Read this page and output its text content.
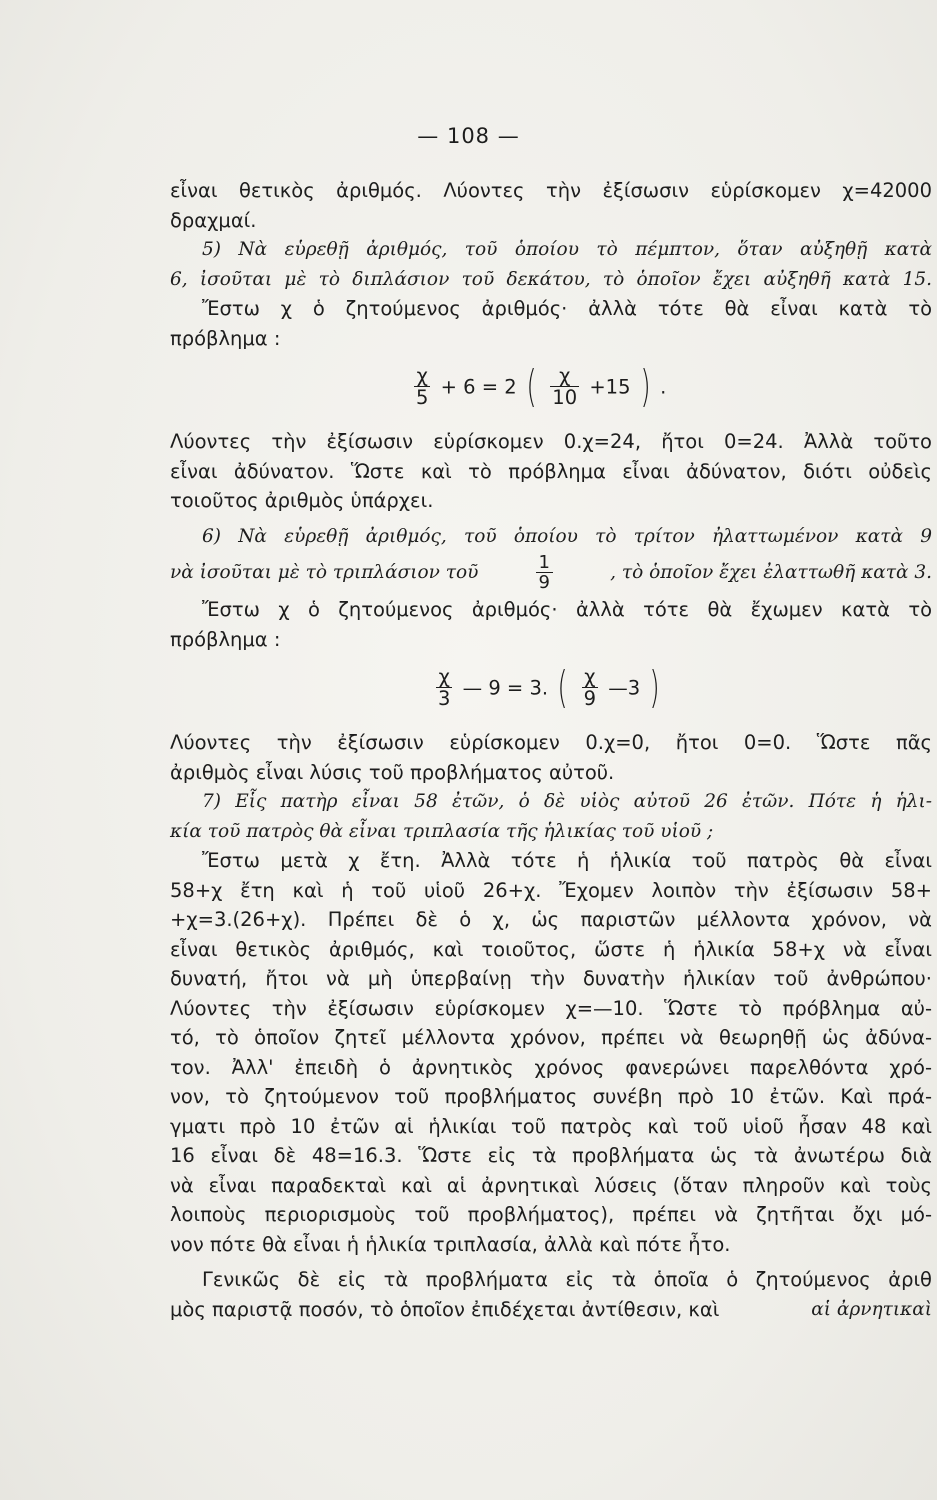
— 108 —
εἶναι θετικὸς ἀριθμός. Λύοντες τὴν ἐξίσωσιν εὑρίσκομεν χ=42000
δραχμαί.
5) Νὰ εὑρεθῇ ἀριθμός, τοῦ ὁποίου τὸ πέμπτον, ὅταν αὐξηθῇ κατὰ
6, ἰσοῦται μὲ τὸ διπλάσιον τοῦ δεκάτου, τὸ ὁποῖον ἔχει αὐξηθῆ κατὰ 15.
Ἔστω χ ὁ ζητούμενος ἀριθμός· ἀλλὰ τότε θὰ εἶναι κατὰ τὸ
πρόβλημα :
$\frac{\chi}{5} + 6 = 2$ ( $\frac{\chi}{10} +15$ ) .
Λύοντες τὴν ἐξίσωσιν εὑρίσκομεν 0.χ=24, ἤτοι 0=24. Ἀλλὰ τοῦτο
εἶναι ἀδύνατον. Ὥστε καὶ τὸ πρόβλημα εἶναι ἀδύνατον, διότι οὐδεὶς
τοιοῦτος ἀριθμὸς ὑπάρχει.
6) Νὰ εὑρεθῇ ἀριθμός, τοῦ ὁποίου τὸ τρίτον ἠλαττωμένον κατὰ 9
νὰ ἰσοῦται μὲ τὸ τριπλάσιον τοῦ	$\frac{1}{9}$	, τὸ ὁποῖον ἔχει ἐλαττωθῆ κατὰ 3.
Ἔστω χ ὁ ζητούμενος ἀριθμός· ἀλλὰ τότε θὰ ἔχωμεν κατὰ τὸ
πρόβλημα :
$\frac{\chi}{3}$ — 9 = 3. ( $\frac{\chi}{9}$ —3 )
Λύοντες τὴν ἐξίσωσιν εὑρίσκομεν 0.χ=0, ἤτοι 0=0. Ὥστε πᾶς
ἀριθμὸς εἶναι λύσις τοῦ προβλήματος αὐτοῦ.
7) Εἷς πατὴρ εἶναι 58 ἐτῶν, ὁ δὲ υἱὸς αὐτοῦ 26 ἐτῶν. Πότε ἡ ἡλι-
κία τοῦ πατρὸς θὰ εἶναι τριπλασία τῆς ἡλικίας τοῦ υἱοῦ ;
Ἔστω μετὰ χ ἔτη. Ἀλλὰ τότε ἡ ἡλικία τοῦ πατρὸς θὰ εἶναι
58+χ ἔτη καὶ ἡ τοῦ υἱοῦ 26+χ. Ἔχομεν λοιπὸν τὴν ἐξίσωσιν 58+
+χ=3.(26+χ). Πρέπει δὲ ὁ χ, ὡς παριστῶν μέλλοντα χρόνον, νὰ
εἶναι θετικὸς ἀριθμός, καὶ τοιοῦτος, ὥστε ἡ ἡλικία 58+χ νὰ εἶναι
δυνατή, ἤτοι νὰ μὴ ὑπερβαίνῃ τὴν δυνατὴν ἡλικίαν τοῦ ἀνθρώπου·
Λύοντες τὴν ἐξίσωσιν εὑρίσκομεν χ=—10. Ὥστε τὸ πρόβλημα αὐ-
τό, τὸ ὁποῖον ζητεῖ μέλλοντα χρόνον, πρέπει νὰ θεωρηθῇ ὡς ἀδύνα-
τον. Ἀλλ' ἐπειδὴ ὁ ἀρνητικὸς χρόνος φανερώνει παρελθόντα χρό-
νον, τὸ ζητούμενον τοῦ προβλήματος συνέβη πρὸ 10 ἐτῶν. Καὶ πρά-
γματι πρὸ 10 ἐτῶν αἱ ἡλικίαι τοῦ πατρὸς καὶ τοῦ υἱοῦ ἦσαν 48 καὶ
16 εἶναι δὲ 48=16.3. Ὥστε εἰς τὰ προβλήματα ὡς τὰ ἀνωτέρω διὰ
νὰ εἶναι παραδεκταὶ καὶ αἱ ἀρνητικαὶ λύσεις (ὅταν πληροῦν καὶ τοὺς
λοιποὺς περιορισμοὺς τοῦ προβλήματος), πρέπει νὰ ζητῆται ὄχι μό-
νον πότε θὰ εἶναι ἡ ἡλικία τριπλασία, ἀλλὰ καὶ πότε ἦτο.
Γενικῶς δὲ εἰς τὰ προβλήματα εἰς τὰ ὁποῖα ὁ ζητούμενος ἀριθ
μὸς παριστᾷ ποσόν, τὸ ὁποῖον ἐπιδέχεται ἀντίθεσιν, καὶ	αἱ ἀρνητικαὶ
